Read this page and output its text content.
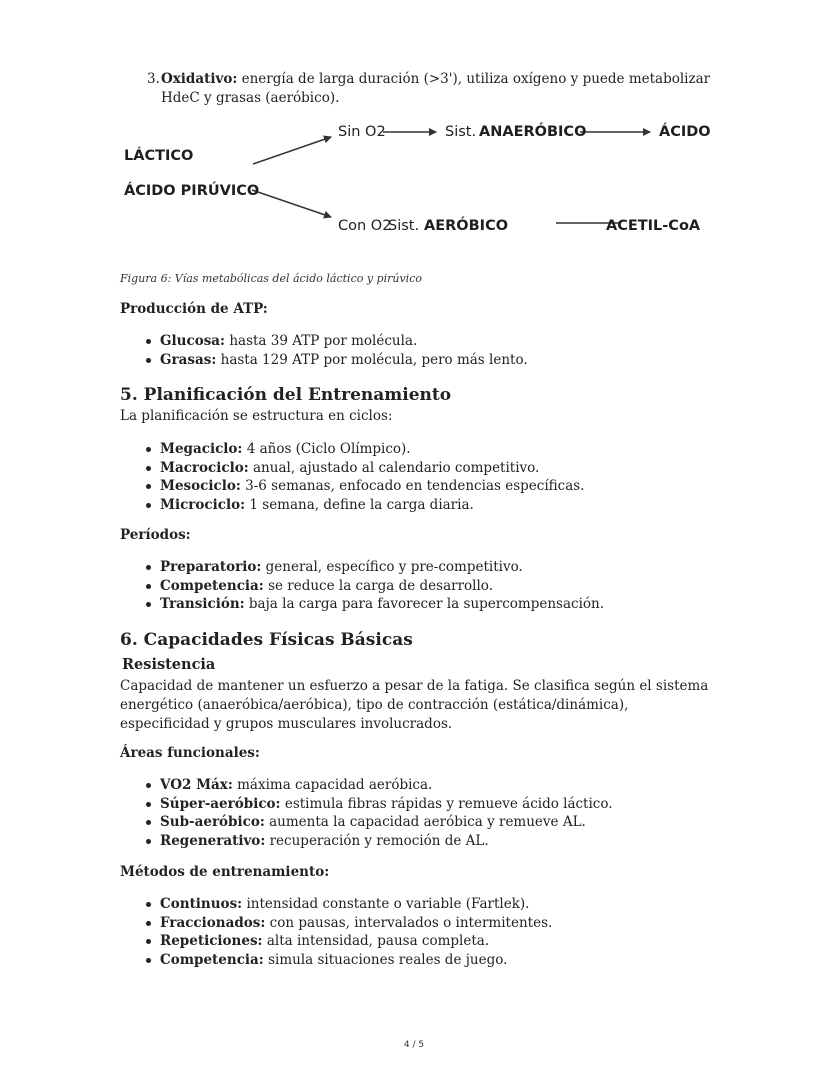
3. Oxidativo: energía de larga duración (>3'), utiliza oxígeno y puede metabolizar HdeC y grasas (aeróbico).
LÁCTICO
ÁCIDO PIRÚVICO
Sin O2	Sist. ANAERÓBICO	ÁCIDO
Con O2
Sist. AERÓBICO	ACETIL-CoA
Figura 6: Vías metabólicas del ácido láctico y pirúvico
Producción de ATP:
Glucosa: hasta 39 ATP por molécula.
Grasas: hasta 129 ATP por molécula, pero más lento.
5. Planificación del Entrenamiento
La planificación se estructura en ciclos:
Megaciclo: 4 años (Ciclo Olímpico).
Macrociclo: anual, ajustado al calendario competitivo.
Mesociclo: 3-6 semanas, enfocado en tendencias específicas.
Microciclo: 1 semana, define la carga diaria.
Períodos:
Preparatorio: general, específico y pre-competitivo.
Competencia: se reduce la carga de desarrollo.
Transición: baja la carga para favorecer la supercompensación.
6. Capacidades Físicas Básicas
Resistencia
Capacidad de mantener un esfuerzo a pesar de la fatiga. Se clasifica según el sistema energético (anaeróbica/aeróbica), tipo de contracción (estática/dinámica), especificidad y grupos musculares involucrados.
Áreas funcionales:
VO2 Máx: máxima capacidad aeróbica.
Súper-aeróbico: estimula fibras rápidas y remueve ácido láctico.
Sub-aeróbico: aumenta la capacidad aeróbica y remueve AL.
Regenerativo: recuperación y remoción de AL.
Métodos de entrenamiento:
Continuos: intensidad constante o variable (Fartlek).
Fraccionados: con pausas, intervalados o intermitentes.
Repeticiones: alta intensidad, pausa completa.
Competencia: simula situaciones reales de juego.
4 / 5
